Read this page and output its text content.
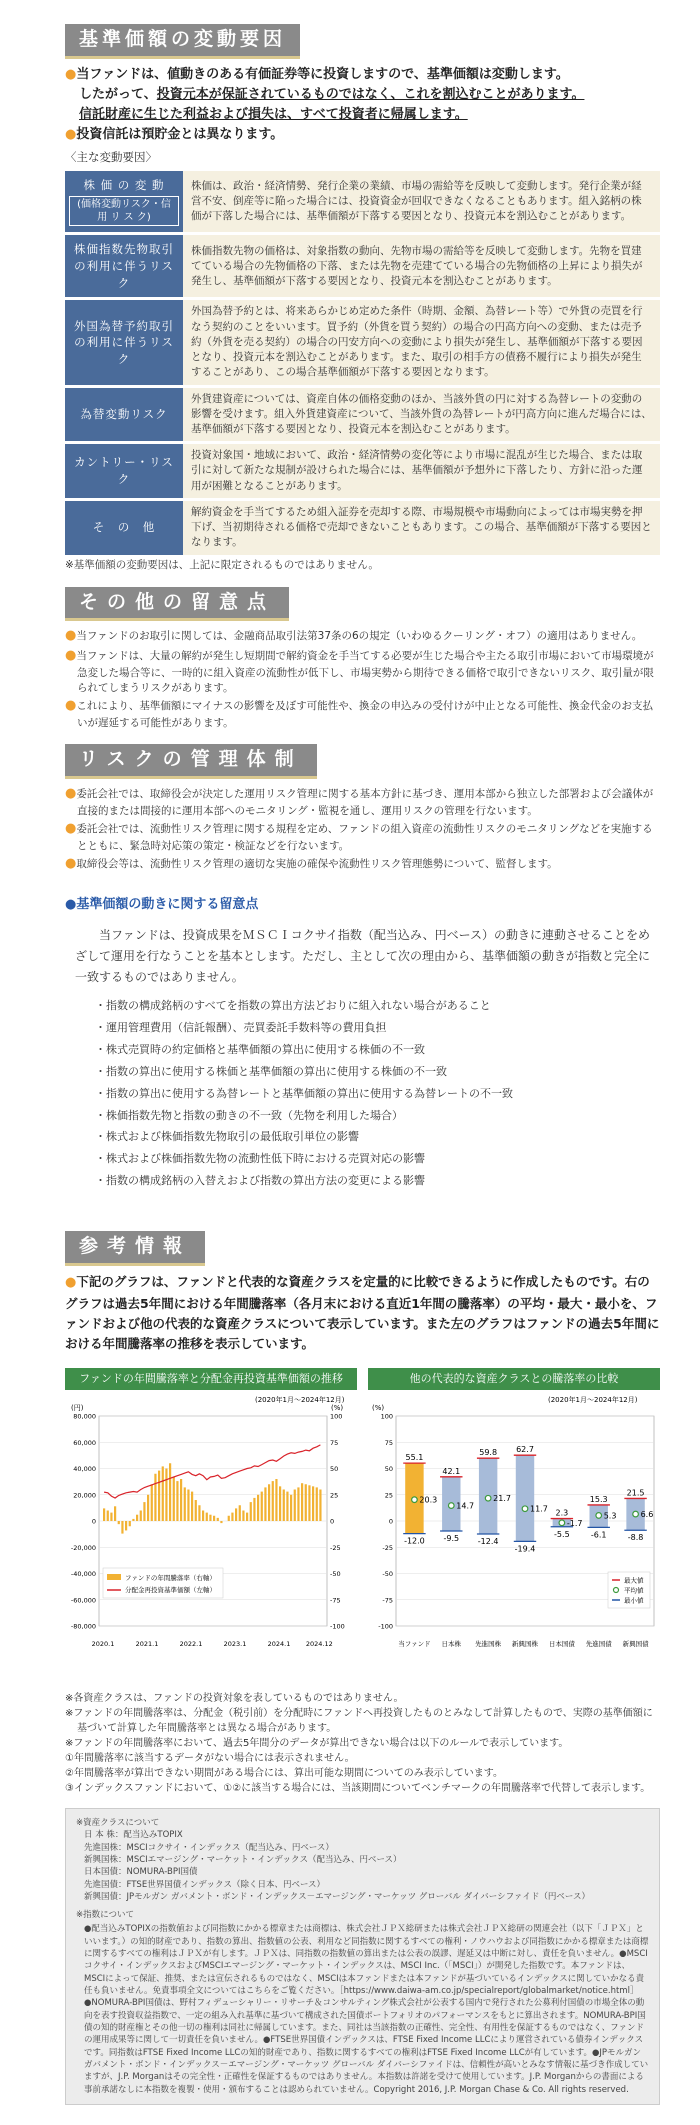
基準価額の変動要因

●当ファンドは、値動きのある有価証券等に投資しますので、基準価額は変動します。

したがって、投資元本が保証されているものではなく、これを割込むことがあります。

信託財産に生じた利益および損失は、すべて投資者に帰属します。

●投資信託は預貯金とは異なります。

〈主な変動要因〉
株 価 の 変 動
(価格変動リスク・信 用 リ ス ク)	株価は、政治・経済情勢、発行企業の業績、市場の需給等を反映して変動します。発行企業が経営不安、倒産等に陥った場合には、投資資金が回収できなくなることもあります。組入銘柄の株価が下落した場合には、基準価額が下落する要因となり、投資元本を割込むことがあります。

株価指数先物取引の利用に伴うリスク	株価指数先物の価格は、対象指数の動向、先物市場の需給等を反映して変動します。先物を買建てている場合の先物価格の下落、または先物を売建てている場合の先物価格の上昇により損失が発生し、基準価額が下落する要因となり、投資元本を割込むことがあります。

外国為替予約取引の利用に伴うリスク	外国為替予約とは、将来あらかじめ定めた条件（時期、金額、為替レート等）で外貨の売買を行なう契約のことをいいます。買予約（外貨を買う契約）の場合の円高方向への変動、または売予約（外貨を売る契約）の場合の円安方向への変動により損失が発生し、基準価額が下落する要因となり、投資元本を割込むことがあります。また、取引の相手方の債務不履行により損失が発生することがあり、この場合基準価額が下落する要因となります。

為替変動リスク	外貨建資産については、資産自体の価格変動のほか、当該外貨の円に対する為替レートの変動の影響を受けます。組入外貨建資産について、当該外貨の為替レートが円高方向に進んだ場合には、基準価額が下落する要因となり、投資元本を割込むことがあります。

カントリー・リスク	投資対象国・地域において、政治・経済情勢の変化等により市場に混乱が生じた場合、または取引に対して新たな規制が設けられた場合には、基準価額が予想外に下落したり、方針に沿った運用が困難となることがあります。

そ　の　他	解約資金を手当てするため組入証券を売却する際、市場規模や市場動向によっては市場実勢を押下げ、当初期待される価格で売却できないこともあります。この場合、基準価額が下落する要因となります。
※基準価額の変動要因は、上記に限定されるものではありません。
その他の留意点

●当ファンドのお取引に関しては、金融商品取引法第37条の6の規定（いわゆるクーリング・オフ）の適用はありません。

●当ファンドは、大量の解約が発生し短期間で解約資金を手当てする必要が生じた場合や主たる取引市場において市場環境が急変した場合等に、一時的に組入資産の流動性が低下し、市場実勢から期待できる価格で取引できないリスク、取引量が限られてしまうリスクがあります。

●これにより、基準価額にマイナスの影響を及ぼす可能性や、換金の申込みの受付けが中止となる可能性、換金代金のお支払いが遅延する可能性があります。

リスクの管理体制

●委託会社では、取締役会が決定した運用リスク管理に関する基本方針に基づき、運用本部から独立した部署および会議体が直接的または間接的に運用本部へのモニタリング・監視を通し、運用リスクの管理を行ないます。

●委託会社では、流動性リスク管理に関する規程を定め、ファンドの組入資産の流動性リスクのモニタリングなどを実施するとともに、緊急時対応策の策定・検証などを行ないます。

●取締役会等は、流動性リスク管理の適切な実施の確保や流動性リスク管理態勢について、監督します。

●基準価額の動きに関する留意点
当ファンドは、投資成果をＭＳＣＩコクサイ指数（配当込み、円ベース）の動きに連動させることをめざして運用を行なうことを基本とします。ただし、主として次の理由から、基準価額の動きが指数と完全に一致するものではありません。
・ 指数の構成銘柄のすべてを指数の算出方法どおりに組入れない場合があること
・ 運用管理費用（信託報酬）、売買委託手数料等の費用負担
・ 株式売買時の約定価格と基準価額の算出に使用する株価の不一致
・ 指数の算出に使用する株価と基準価額の算出に使用する株価の不一致
・ 指数の算出に使用する為替レートと基準価額の算出に使用する為替レートの不一致
・ 株価指数先物と指数の動きの不一致（先物を利用した場合）
・ 株式および株価指数先物取引の最低取引単位の影響
・ 株式および株価指数先物の流動性低下時における売買対応の影響
・ 指数の構成銘柄の入替えおよび指数の算出方法の変更による影響
参考情報
●下記のグラフは、ファンドと代表的な資産クラスを定量的に比較できるように作成したものです。右のグラフは過去5年間における年間騰落率（各月末における直近1年間の騰落率）の平均・最大・最小を、ファンドおよび他の代表的な資産クラスについて表示しています。また左のグラフはファンドの過去5年間における年間騰落率の推移を表示しています。
ファンドの年間騰落率と分配金再投資基準価額の推移
(2020年1月～2024年12月)
(円)	(%)
80,000	100
60,000	75
40,000	50
20,000	25
0	0
-20,000	-25
-40,000	-50
-60,000	-75
-80,000	-100
2020.1	2021.1	2022.1	2023.1	2024.1 2024.12
ファンドの年間騰落率（右軸）
分配金再投資基準価額（左軸）
他の代表的な資産クラスとの騰落率の比較
(2020年1月～2024年12月)
(%)
100
75
50
25
0
-25
-50
-75
-100
55.1
20.3
-12.0
当ファンド
42.1
14.7
-9.5
日本株
59.8
21.7
-12.4
先進国株
62.7
11.7
-19.4
新興国株
2.3
-1.7
-5.5
日本国債
15.3
5.3
-6.1
先進国債
21.5
6.6
-8.8
新興国債
最大値
平均値
最小値

※各資産クラスは、ファンドの投資対象を表しているものではありません。

※ファンドの年間騰落率は、分配金（税引前）を分配時にファンドへ再投資したものとみなして計算したもので、実際の基準価額に基づいて計算した年間騰落率とは異なる場合があります。

※ファンドの年間騰落率において、過去5年間分のデータが算出できない場合は以下のルールで表示しています。

①年間騰落率に該当するデータがない場合には表示されません。

②年間騰落率が算出できない期間がある場合には、算出可能な期間についてのみ表示しています。

③インデックスファンドにおいて、①②に該当する場合には、当該期間についてベンチマークの年間騰落率で代替して表示します。

※資産クラスについて
日 本 株：配当込みTOPIX
先進国株：MSCIコクサイ・インデックス（配当込み、円ベース）
新興国株：MSCIエマージング・マーケット・インデックス（配当込み、円ベース）
日本国債：NOMURA-BPI国債
先進国債：FTSE世界国債インデックス（除く日本、円ベース）
新興国債：JPモルガン ガバメント・ボンド・インデックス－エマージング・マーケッツ グローバル ダイバーシファイド（円ベース）
※指数について
●配当込みTOPIXの指数値および同指数にかかる標章または商標は、株式会社ＪＰＸ総研または株式会社ＪＰＸ総研の関連会社（以下「ＪＰＸ」といいます。）の知的財産であり、指数の算出、指数値の公表、利用など同指数に関するすべての権利・ノウハウおよび同指数にかかる標章または商標に関するすべての権利はＪＰＸが有します。ＪＰＸは、同指数の指数値の算出または公表の誤謬、遅延又は中断に対し、責任を負いません。●MSCIコクサイ・インデックスおよびMSCIエマージング・マーケット・インデックスは、MSCI Inc.（「MSCI」）が開発した指数です。本ファンドは、MSCIによって保証、推奨、または宣伝されるものではなく、MSCIは本ファンドまたは本ファンドが基づいているインデックスに関していかなる責任も負いません。免責事項全文についてはこちらをご覧ください。［https://www.daiwa-am.co.jp/specialreport/globalmarket/notice.html］●NOMURA-BPI国債は、野村フィデューシャリー・リサーチ＆コンサルティング株式会社が公表する国内で発行された公募利付国債の市場全体の動向を表す投資収益指数で、一定の組み入れ基準に基づいて構成された国債ポートフォリオのパフォーマンスをもとに算出されます。NOMURA-BPI国債の知的財産権とその他一切の権利は同社に帰属しています。また、同社は当該指数の正確性、完全性、有用性を保証するものではなく、ファンドの運用成果等に関して一切責任を負いません。●FTSE世界国債インデックスは、FTSE Fixed Income LLCにより運営されている債券インデックスです。同指数はFTSE Fixed Income LLCの知的財産であり、指数に関するすべての権利はFTSE Fixed Income LLCが有しています。●JPモルガン ガバメント・ボンド・インデックス－エマージング・マーケッツ グローバル ダイバーシファイドは、信頼性が高いとみなす情報に基づき作成していますが、J.P. Morganはその完全性・正確性を保証するものではありません。本指数は許諾を受けて使用しています。J.P. Morganからの書面による事前承諾なしに本指数を複製・使用・頒布することは認められていません。Copyright 2016, J.P. Morgan Chase & Co. All rights reserved.
